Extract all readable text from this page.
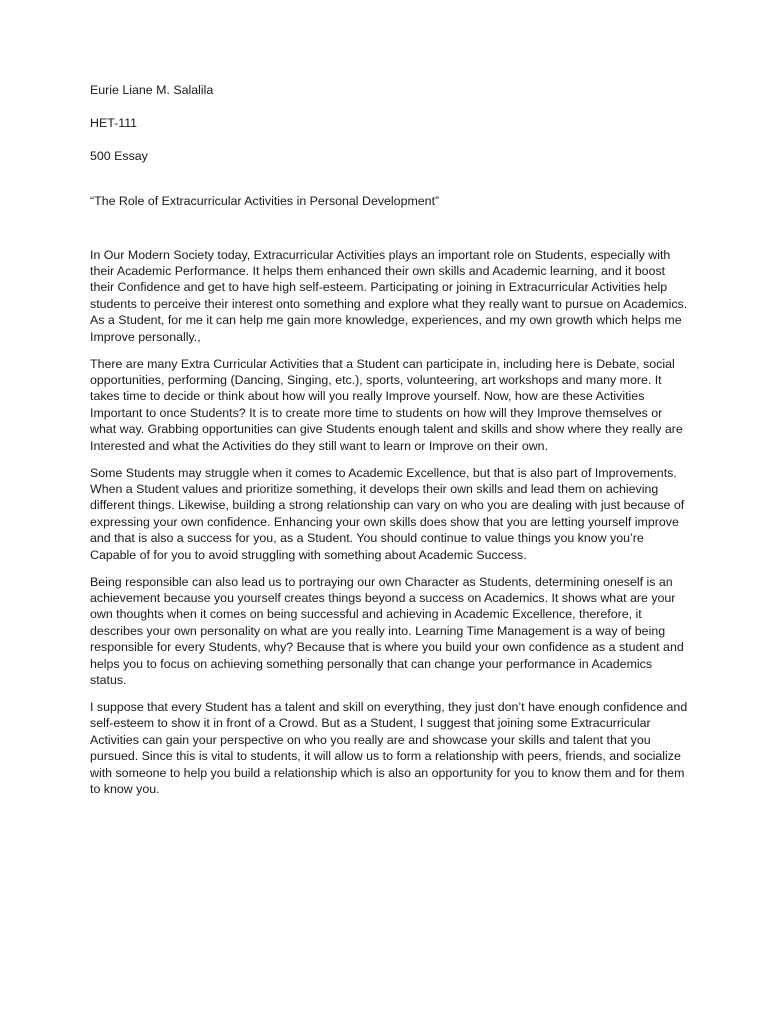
Eurie Liane M. Salalila
HET-111
500 Essay
“The Role of Extracurricular Activities in Personal Development”

In Our Modern Society today, Extracurricular Activities plays an important role on Students, especially with their Academic Performance. It helps them enhanced their own skills and Academic learning, and it boost their Confidence and get to have high self-esteem. Participating or joining in Extracurricular Activities help students to perceive their interest onto something and explore what they really want to pursue on Academics. As a Student, for me it can help me gain more knowledge, experiences, and my own growth which helps me Improve personally.,

There are many Extra Curricular Activities that a Student can participate in, including here is Debate, social opportunities, performing (Dancing, Singing, etc.), sports, volunteering, art workshops and many more. It takes time to decide or think about how will you really Improve yourself. Now, how are these Activities Important to once Students? It is to create more time to students on how will they Improve themselves or what way. Grabbing opportunities can give Students enough talent and skills and show where they really are Interested and what the Activities do they still want to learn or Improve on their own.

Some Students may struggle when it comes to Academic Excellence, but that is also part of Improvements. When a Student values and prioritize something, it develops their own skills and lead them on achieving different things. Likewise, building a strong relationship can vary on who you are dealing with just because of expressing your own confidence. Enhancing your own skills does show that you are letting yourself improve and that is also a success for you, as a Student. You should continue to value things you know you’re Capable of for you to avoid struggling with something about Academic Success.

Being responsible can also lead us to portraying our own Character as Students, determining oneself is an achievement because you yourself creates things beyond a success on Academics. It shows what are your own thoughts when it comes on being successful and achieving in Academic Excellence, therefore, it describes your own personality on what are you really into. Learning Time Management is a way of being responsible for every Students, why? Because that is where you build your own confidence as a student and helps you to focus on achieving something personally that can change your performance in Academics status.

I suppose that every Student has a talent and skill on everything, they just don’t have enough confidence and self-esteem to show it in front of a Crowd. But as a Student, I suggest that joining some Extracurricular Activities can gain your perspective on who you really are and showcase your skills and talent that you pursued. Since this is vital to students, it will allow us to form a relationship with peers, friends, and socialize with someone to help you build a relationship which is also an opportunity for you to know them and for them to know you.
